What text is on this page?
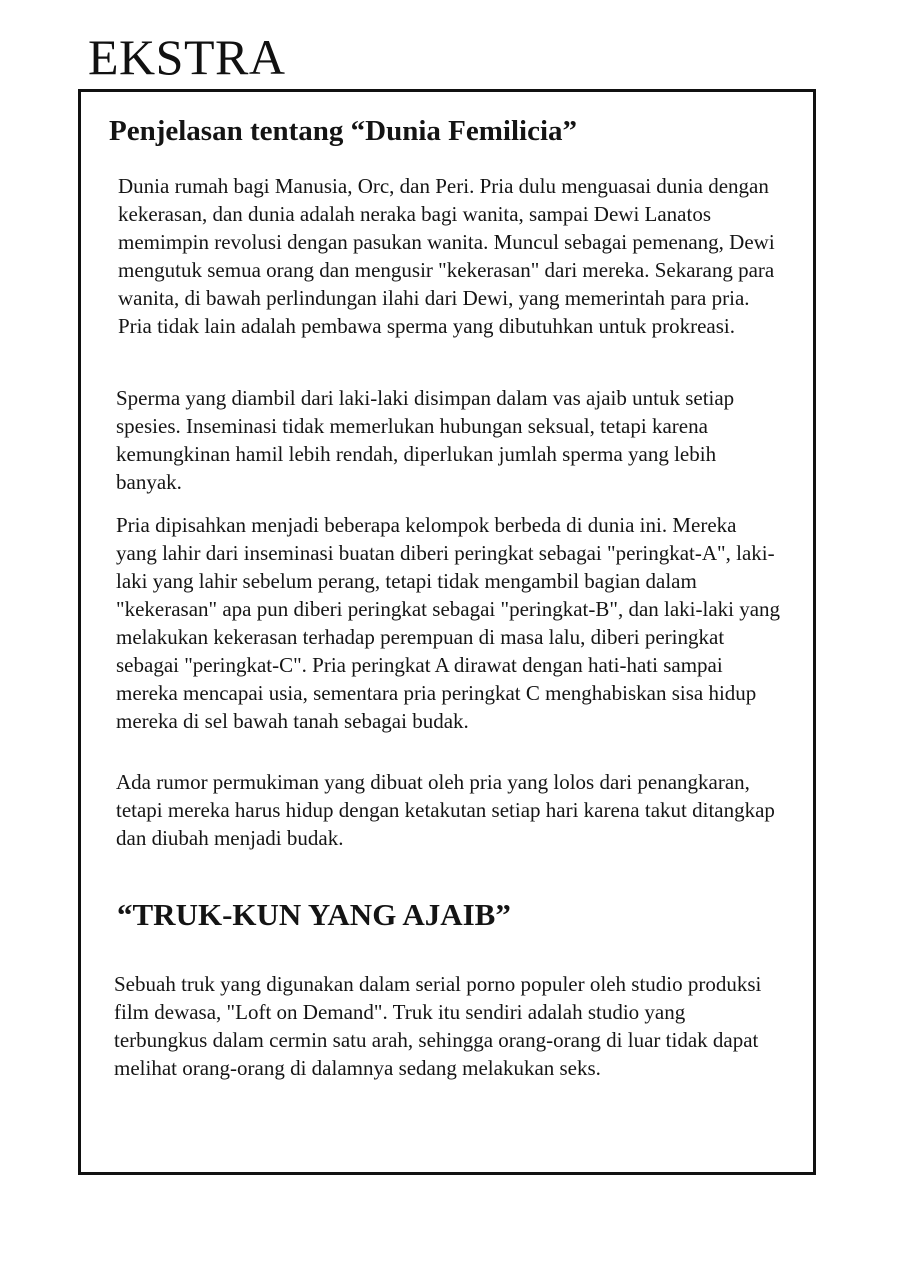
EKSTRA
Penjelasan tentang “Dunia Femilicia”

Dunia rumah bagi Manusia, Orc, dan Peri. Pria dulu menguasai dunia dengan kekerasan, dan dunia adalah neraka bagi wanita, sampai Dewi Lanatos memimpin revolusi dengan pasukan wanita. Muncul sebagai pemenang, Dewi mengutuk semua orang dan mengusir "kekerasan" dari mereka. Sekarang para wanita, di bawah perlindungan ilahi dari Dewi, yang memerintah para pria. Pria tidak lain adalah pembawa sperma yang dibutuhkan untuk prokreasi.

Sperma yang diambil dari laki-laki disimpan dalam vas ajaib untuk setiap spesies. Inseminasi tidak memerlukan hubungan seksual, tetapi karena kemungkinan hamil lebih rendah, diperlukan jumlah sperma yang lebih banyak.

Pria dipisahkan menjadi beberapa kelompok berbeda di dunia ini. Mereka yang lahir dari inseminasi buatan diberi peringkat sebagai "peringkat-A", laki-laki yang lahir sebelum perang, tetapi tidak mengambil bagian dalam "kekerasan" apa pun diberi peringkat sebagai "peringkat-B", dan laki-laki yang melakukan kekerasan terhadap perempuan di masa lalu, diberi peringkat sebagai "peringkat-C". Pria peringkat A dirawat dengan hati-hati sampai mereka mencapai usia, sementara pria peringkat C menghabiskan sisa hidup mereka di sel bawah tanah sebagai budak.

Ada rumor permukiman yang dibuat oleh pria yang lolos dari penangkaran, tetapi mereka harus hidup dengan ketakutan setiap hari karena takut ditangkap dan diubah menjadi budak.

“TRUK-KUN YANG AJAIB”

Sebuah truk yang digunakan dalam serial porno populer oleh studio produksi film dewasa, "Loft on Demand". Truk itu sendiri adalah studio yang terbungkus dalam cermin satu arah, sehingga orang-orang di luar tidak dapat melihat orang-orang di dalamnya sedang melakukan seks.
